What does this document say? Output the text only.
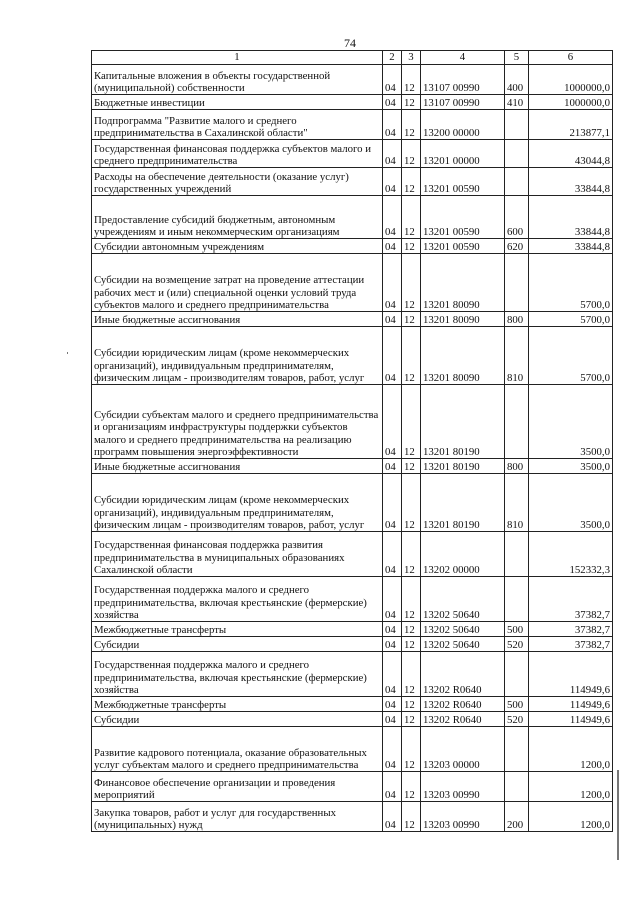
74
1	2	3	4	5	6
Капитальные вложения в объекты государственной (муниципальной) собственности	04	12	13107 00990	400	1000000,0
Бюджетные инвестиции	04	12	13107 00990	410	1000000,0
Подпрограмма "Развитие малого и среднего предпринимательства в Сахалинской области"	04	12	13200 00000		213877,1
Государственная финансовая поддержка субъектов малого и среднего предпринимательства	04	12	13201 00000		43044,8
Расходы на обеспечение деятельности (оказание услуг) государственных учреждений	04	12	13201 00590		33844,8
Предоставление субсидий бюджетным, автономным учреждениям и иным некоммерческим организациям	04	12	13201 00590	600	33844,8
Субсидии автономным учреждениям	04	12	13201 00590	620	33844,8
Субсидии на возмещение затрат на проведение аттестации рабочих мест и (или) специальной оценки условий труда субъектов малого и среднего предпринимательства	04	12	13201 80090		5700,0
Иные бюджетные ассигнования	04	12	13201 80090	800	5700,0
Субсидии юридическим лицам (кроме некоммерческих организаций), индивидуальным предпринимателям, физическим лицам - производителям товаров, работ, услуг	04	12	13201 80090	810	5700,0
Субсидии субъектам малого и среднего предпринимательства и организациям инфраструктуры поддержки субъектов малого и среднего предпринимательства на реализацию программ повышения энергоэффективности	04	12	13201 80190		3500,0
Иные бюджетные ассигнования	04	12	13201 80190	800	3500,0
Субсидии юридическим лицам (кроме некоммерческих организаций), индивидуальным предпринимателям, физическим лицам - производителям товаров, работ, услуг	04	12	13201 80190	810	3500,0
Государственная финансовая поддержка развития предпринимательства в муниципальных образованиях Сахалинской области	04	12	13202 00000		152332,3
Государственная поддержка малого и среднего предпринимательства, включая крестьянские (фермерские) хозяйства	04	12	13202 50640		37382,7
Межбюджетные трансферты	04	12	13202 50640	500	37382,7
Субсидии	04	12	13202 50640	520	37382,7
Государственная поддержка малого и среднего предпринимательства, включая крестьянские (фермерские) хозяйства	04	12	13202 R0640		114949,6
Межбюджетные трансферты	04	12	13202 R0640	500	114949,6
Субсидии	04	12	13202 R0640	520	114949,6
Развитие кадрового потенциала, оказание образовательных услуг субъектам малого и среднего предпринимательства	04	12	13203 00000		1200,0
Финансовое обеспечение организации и проведения мероприятий	04	12	13203 00990		1200,0
Закупка товаров, работ и услуг для государственных (муниципальных) нужд	04	12	13203 00990	200	1200,0
